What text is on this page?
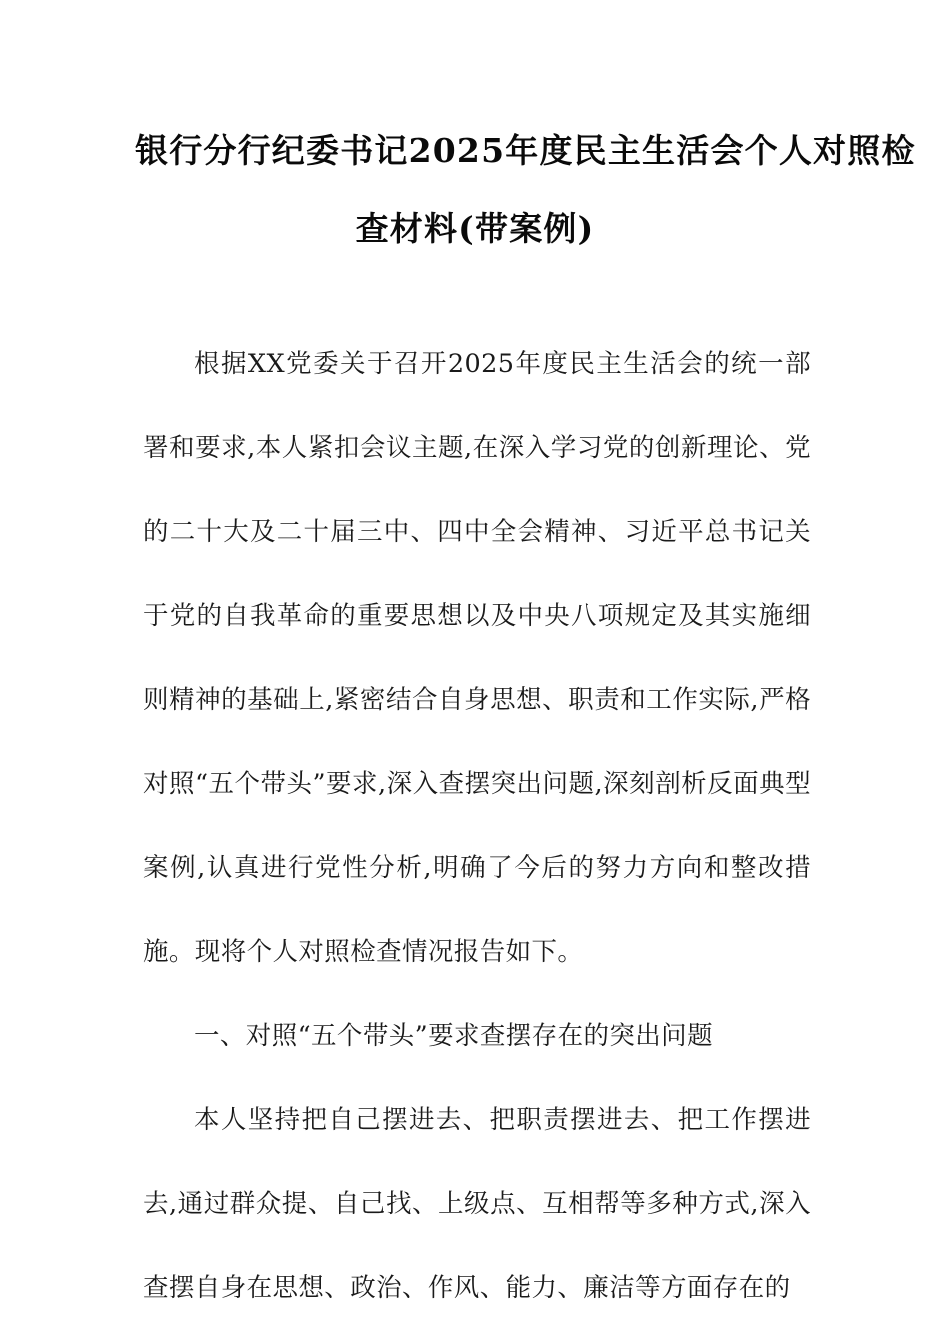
银行分行纪委书记2025年度民主生活会个人对照检
查材料(带案例)

根据XX党委关于召开2025年度民主生活会的统一部署和要求,本人紧扣会议主题,在深入学习党的创新理论、党的二十大及二十届三中、四中全会精神、习近平总书记关于党的自我革命的重要思想以及中央八项规定及其实施细则精神的基础上,紧密结合自身思想、职责和工作实际,严格对照“五个带头”要求,深入查摆突出问题,深刻剖析反面典型案例,认真进行党性分析,明确了今后的努力方向和整改措施。现将个人对照检查情况报告如下。

一、对照“五个带头”要求查摆存在的突出问题

本人坚持把自己摆进去、把职责摆进去、把工作摆进去,通过群众提、自己找、上级点、互相帮等多种方式,深入查摆自身在思想、政治、作风、能力、廉洁等方面存在的
